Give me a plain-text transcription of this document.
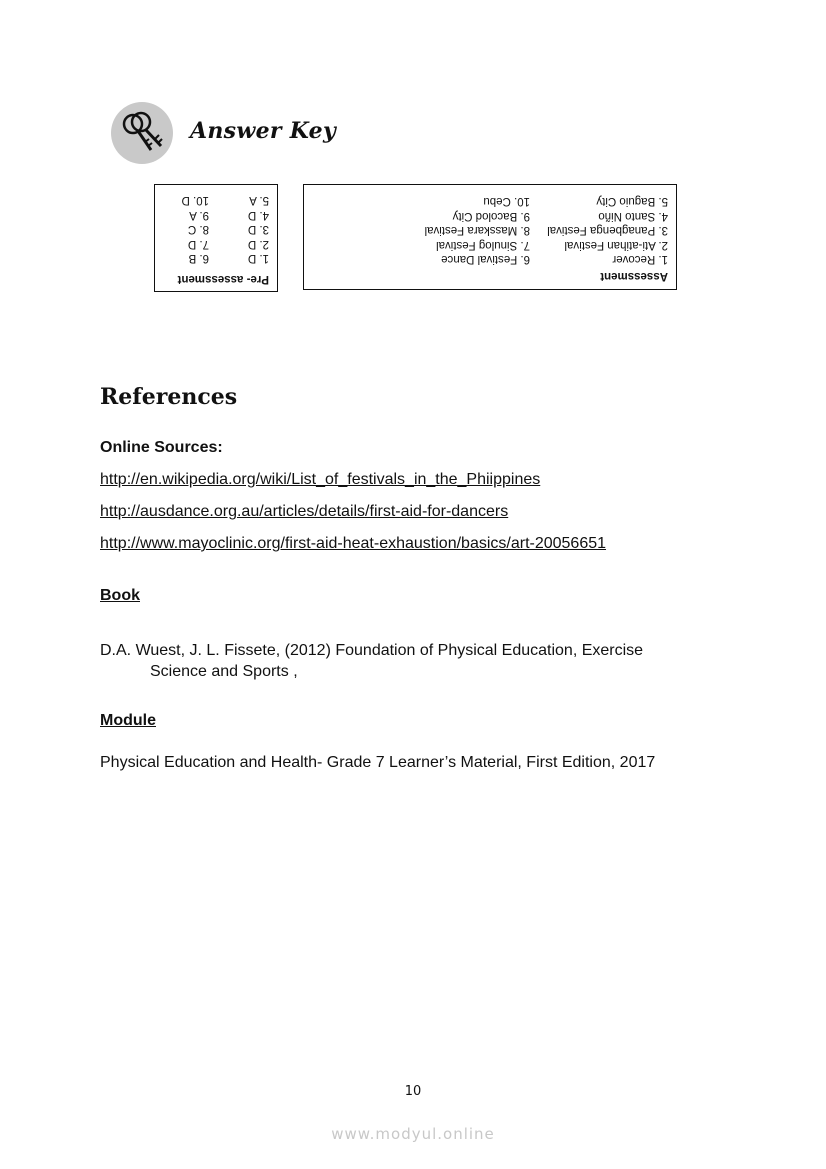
Answer Key
Pre- assessment
1. D
6. B
2. D
7. D
3. D
8. C
4. D
9. A
5. A
10. D
Assessment
1. Recover
6. Festival Dance
2. Ati-atihan Festival
7. Sinulog Festival
3. Panagbenga Festival
8. Masskara Festival
4. Santo Niño
9. Bacolod City
5. Baguio City
10. Cebu
References
Online Sources:
http://en.wikipedia.org/wiki/List_of_festivals_in_the_Phiippines
http://ausdance.org.au/articles/details/first-aid-for-dancers
http://www.mayoclinic.org/first-aid-heat-exhaustion/basics/art-20056651
Book
D.A. Wuest, J. L. Fissete, (2012) Foundation of Physical Education, Exercise
Science and Sports ,
Module
Physical Education and Health- Grade 7 Learner’s Material, First Edition, 2017
10
www.modyul.online
